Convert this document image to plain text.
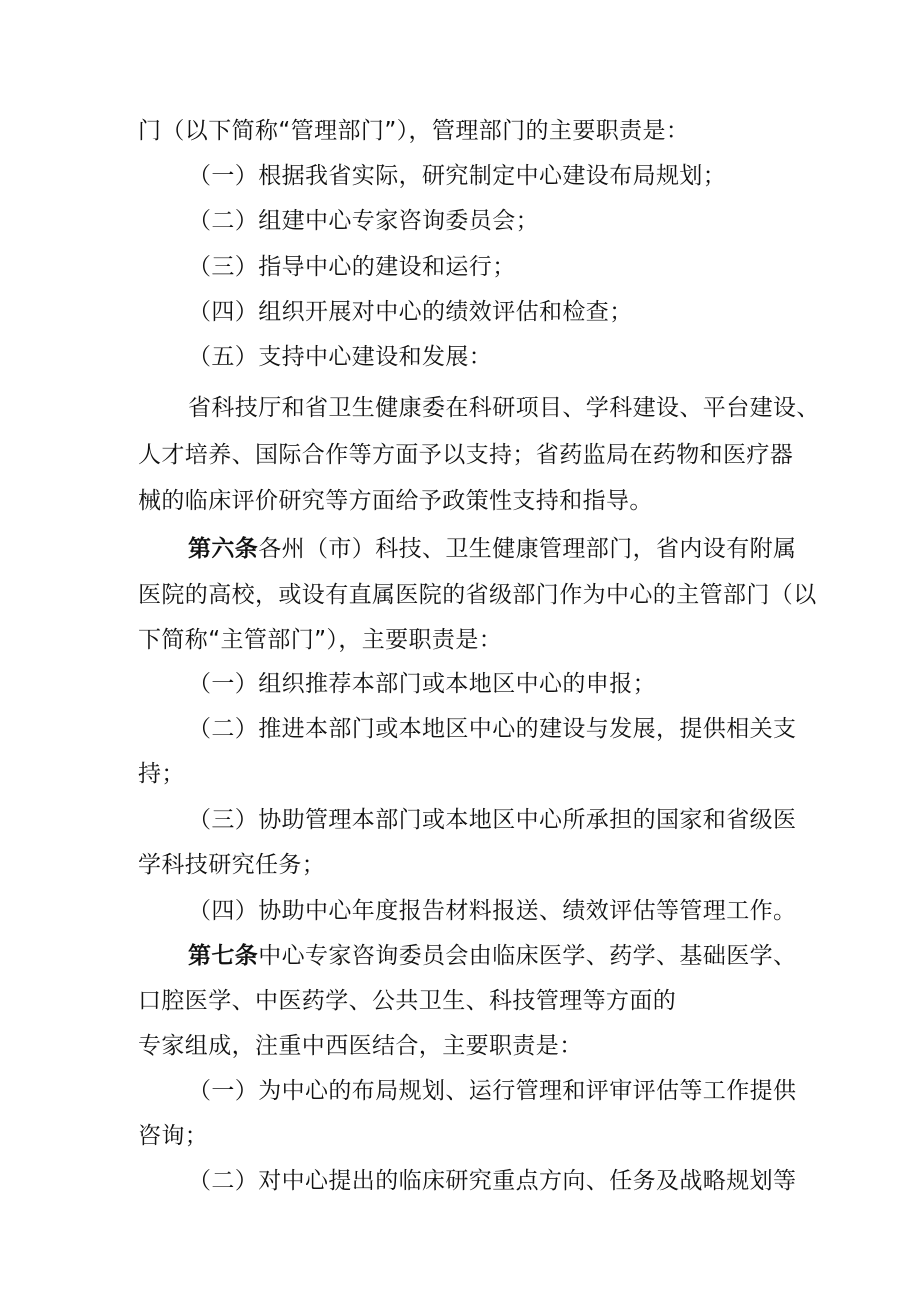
门（以下简称“管理部门”），管理部门的主要职责是：
（一）根据我省实际，研究制定中心建设布局规划；
（二）组建中心专家咨询委员会；
（三）指导中心的建设和运行；
（四）组织开展对中心的绩效评估和检查；
（五）支持中心建设和发展：
省科技厅和省卫生健康委在科研项目、学科建设、平台建设、
人才培养、国际合作等方面予以支持；省药监局在药物和医疗器
械的临床评价研究等方面给予政策性支持和指导。
第六条各州（市）科技、卫生健康管理部门，省内设有附属
医院的高校，或设有直属医院的省级部门作为中心的主管部门（以
下简称“主管部门”），主要职责是：
（一）组织推荐本部门或本地区中心的申报；
（二）推进本部门或本地区中心的建设与发展，提供相关支
持；
（三）协助管理本部门或本地区中心所承担的国家和省级医
学科技研究任务；
（四）协助中心年度报告材料报送、绩效评估等管理工作。
第七条中心专家咨询委员会由临床医学、药学、基础医学、
口腔医学、中医药学、公共卫生、科技管理等方面的
专家组成，注重中西医结合，主要职责是：
（一）为中心的布局规划、运行管理和评审评估等工作提供
咨询；
（二）对中心提出的临床研究重点方向、任务及战略规划等
